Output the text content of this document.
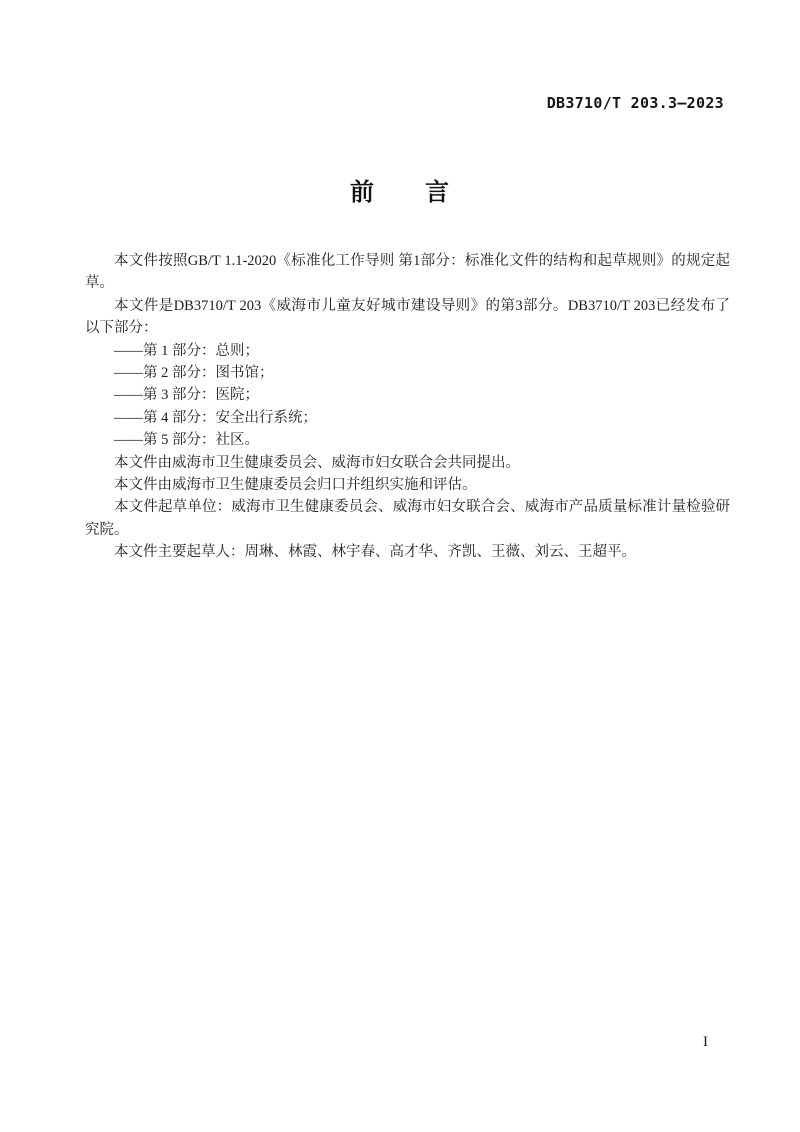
DB3710/T 203.3—2023
前　　言

本文件按照GB/T 1.1-2020《标准化工作导则 第1部分：标准化文件的结构和起草规则》的规定起草。

本文件是DB3710/T 203《威海市儿童友好城市建设导则》的第3部分。DB3710/T 203已经发布了以下部分：

——第 1 部分：总则；

——第 2 部分：图书馆；

——第 3 部分：医院；

——第 4 部分：安全出行系统；

——第 5 部分：社区。

本文件由威海市卫生健康委员会、威海市妇女联合会共同提出。

本文件由威海市卫生健康委员会归口并组织实施和评估。

本文件起草单位：威海市卫生健康委员会、威海市妇女联合会、威海市产品质量标准计量检验研究院。

本文件主要起草人：周琳、林霞、林宇春、高才华、齐凯、王薇、刘云、王超平。

I
